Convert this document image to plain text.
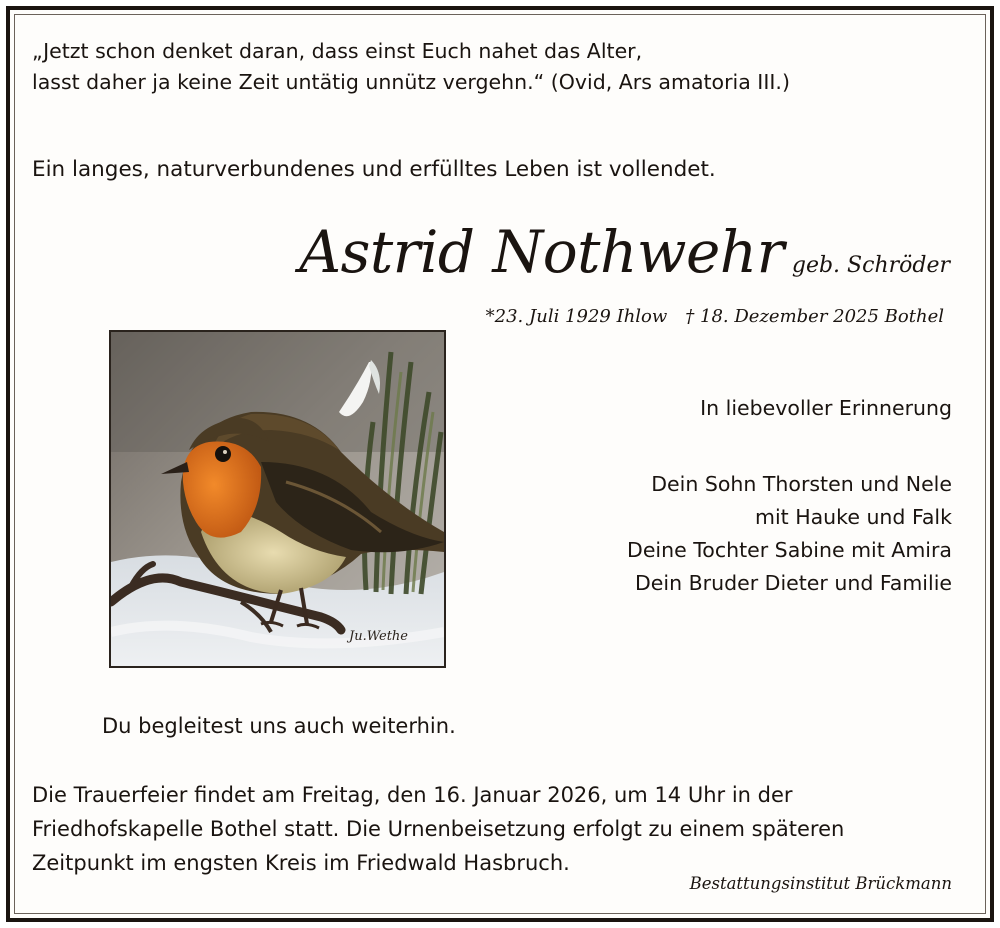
„Jetzt schon denket daran, dass einst Euch nahet das Alter,
lasst daher ja keine Zeit untätig unnütz vergehn.“ (Ovid, Ars amatoria III.)
Ein langes, naturverbundenes und erfülltes Leben ist vollendet.
Astrid Nothwehr geb. Schröder
*23. Juli 1929 Ihlow † 18. Dezember 2025 Bothel
Ju.Wethe
In liebevoller Erinnerung
Dein Sohn Thorsten und Nele
mit Hauke und Falk
Deine Tochter Sabine mit Amira
Dein Bruder Dieter und Familie
Du begleitest uns auch weiterhin.
Die Trauerfeier findet am Freitag, den 16. Januar 2026, um 14 Uhr in der
Friedhofskapelle Bothel statt. Die Urnenbeisetzung erfolgt zu einem späteren
Zeitpunkt im engsten Kreis im Friedwald Hasbruch.
Bestattungsinstitut Brückmann
